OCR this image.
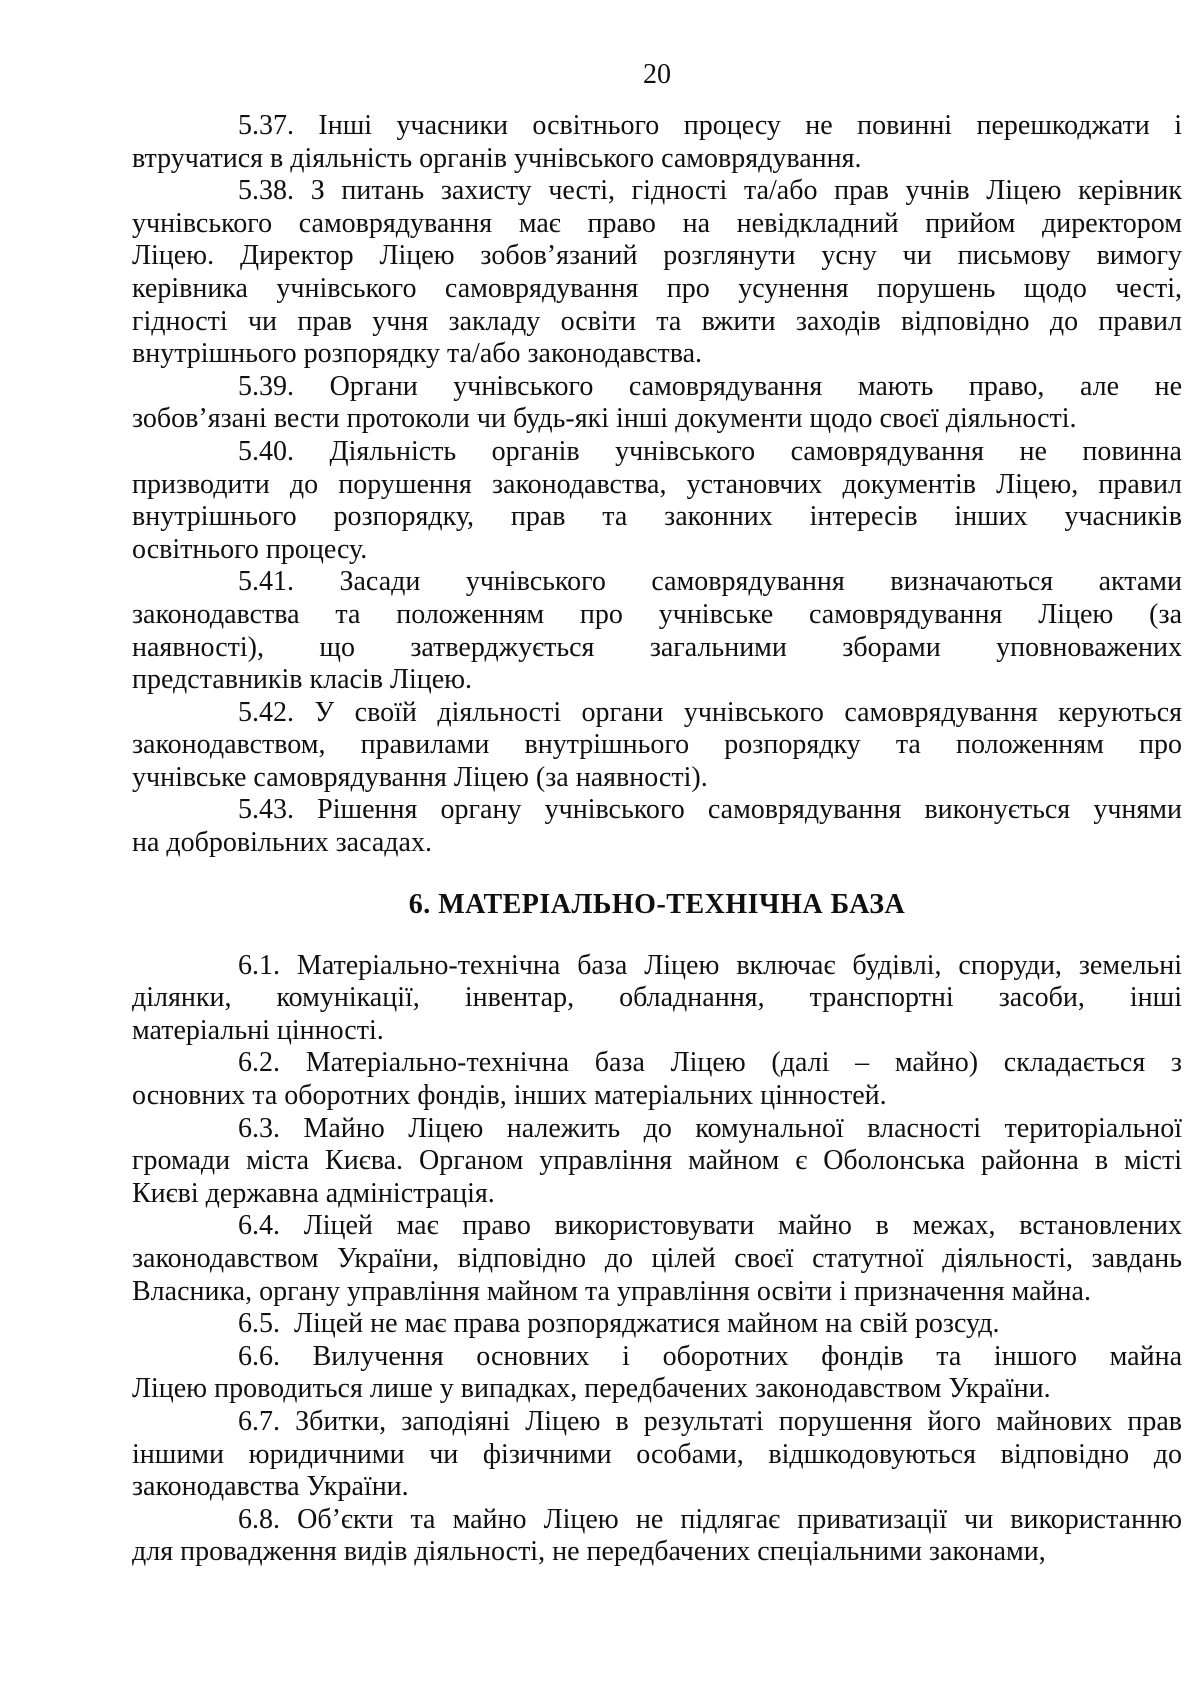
20

5.37. Інші учасники освітнього процесу не повинні перешкоджати і
втручатися в діяльність органів учнівського самоврядування.

5.38. З питань захисту честі, гідності та/або прав учнів Ліцею керівник
учнівського самоврядування має право на невідкладний прийом директором
Ліцею. Директор Ліцею зобов’язаний розглянути усну чи письмову вимогу
керівника учнівського самоврядування про усунення порушень щодо честі,
гідності чи прав учня закладу освіти та вжити заходів відповідно до правил
внутрішнього розпорядку та/або законодавства.

5.39. Органи учнівського самоврядування мають право, але не
зобов’язані вести протоколи чи будь-які інші документи щодо своєї діяльності.

5.40. Діяльність органів учнівського самоврядування не повинна
призводити до порушення законодавства, установчих документів Ліцею, правил
внутрішнього розпорядку, прав та законних інтересів інших учасників
освітнього процесу.

5.41. Засади учнівського самоврядування визначаються актами
законодавства та положенням про учнівське самоврядування Ліцею (за
наявності), що затверджується загальними зборами уповноважених
представників класів Ліцею.

5.42. У своїй діяльності органи учнівського самоврядування керуються
законодавством, правилами внутрішнього розпорядку та положенням про
учнівське самоврядування Ліцею (за наявності).

5.43. Рішення органу учнівського самоврядування виконується учнями
на добровільних засадах.

6. МАТЕРІАЛЬНО-ТЕХНІЧНА БАЗА

6.1. Матеріально-технічна база Ліцею включає будівлі, споруди, земельні
ділянки, комунікації, інвентар, обладнання, транспортні засоби, інші
матеріальні цінності.

6.2. Матеріально-технічна база Ліцею (далі – майно) складається з
основних та оборотних фондів, інших матеріальних цінностей.

6.3. Майно Ліцею належить до комунальної власності територіальної
громади міста Києва. Органом управління майном є Оболонська районна в місті
Києві державна адміністрація.

6.4. Ліцей має право використовувати майно в межах, встановлених
законодавством України, відповідно до цілей своєї статутної діяльності, завдань
Власника, органу управління майном та управління освіти і призначення майна.

6.5.  Ліцей не має права розпоряджатися майном на свій розсуд.

6.6. Вилучення основних і оборотних фондів та іншого майна
Ліцею проводиться лише у випадках, передбачених законодавством України.

6.7. Збитки, заподіяні Ліцею в результаті порушення його майнових прав
іншими юридичними чи фізичними особами, відшкодовуються відповідно до
законодавства України.

6.8. Об’єкти та майно Ліцею не підлягає приватизації чи використанню
для провадження видів діяльності, не передбачених спеціальними законами,
